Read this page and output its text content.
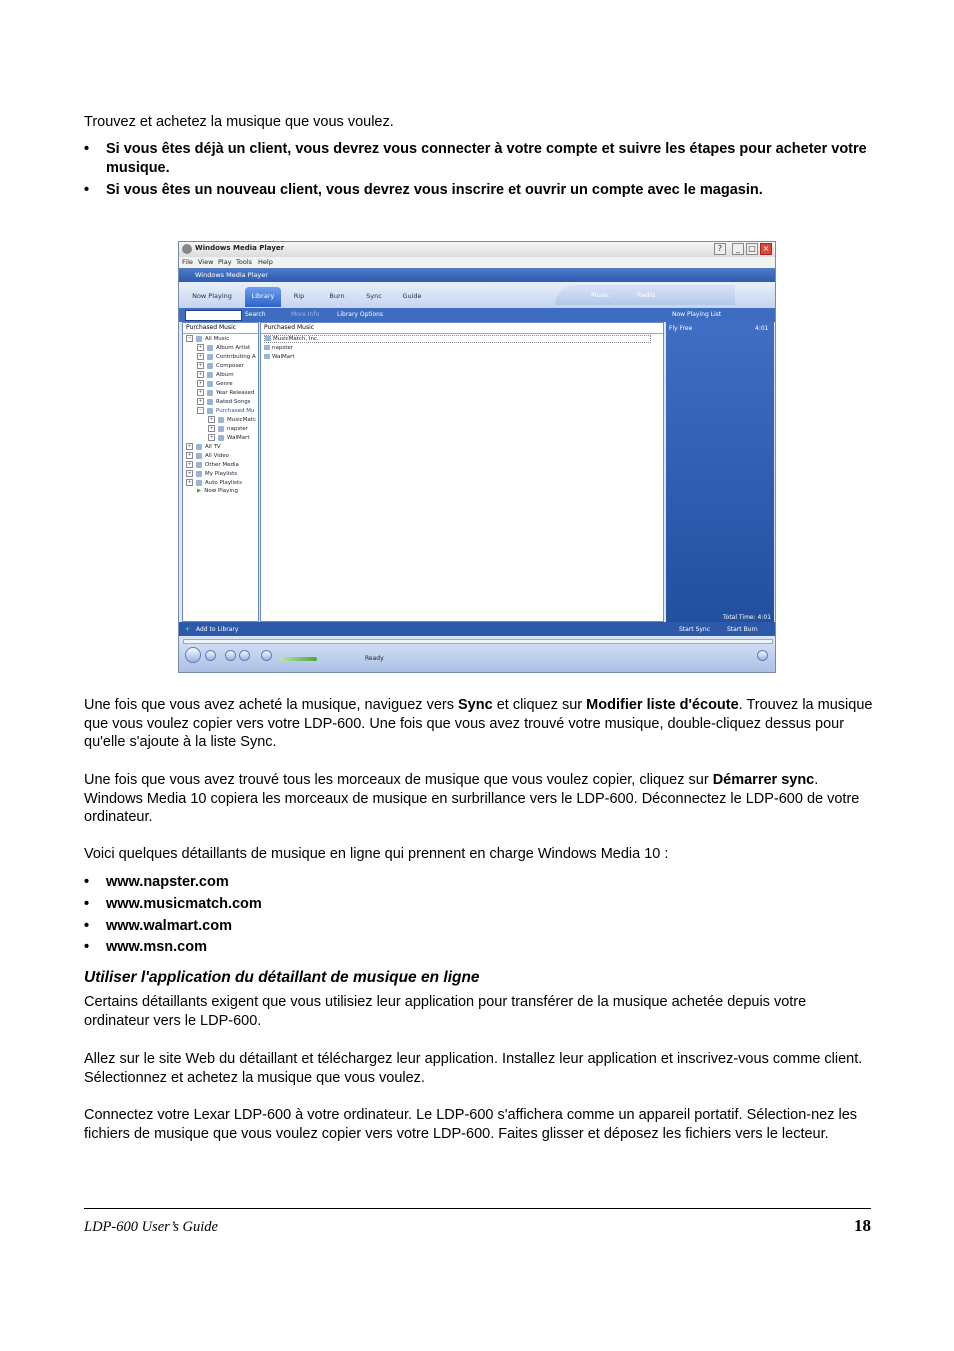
Trouvez et achetez la musique que vous voulez.

• Si vous êtes déjà un client, vous devrez vous connecter à votre compte et suivre les étapes pour acheter votre musique.
• Si vous êtes un nouveau client, vous devrez vous inscrire et ouvrir un compte avec le magasin.
Windows Media Player	?	_	□ ×
File View Play Tools Help
Windows Media Player
Now Playing	Library	Rip	Burn	Sync	Guide	Music	Radio
Search	More Info	Library Options	Now Playing List
Purchased Music
−	All Music
+	Album Artist
+	Contributing A
+	Composer
+	Album
+	Genre
+	Year Released
+	Rated Songs
−	Purchased Mu
+	MusicMatc
+	napster
+	WalMart
+	All TV
+	All Video
+	Other Media
+	My Playlists
+	Auto Playlists
▶ Now Playing
Purchased Music
MusicMatch, Inc.
napster
WalMart
Fly Free	4:01
Total Time: 4:01
+ Add to Library	Start Sync	Start Burn
Ready

Une fois que vous avez acheté la musique, naviguez vers Sync et cliquez sur Modifier liste d'écoute. Trouvez la musique que vous voulez copier vers votre LDP-600. Une fois que vous avez trouvé votre musique, double-cliquez dessus pour qu'elle s'ajoute à la liste Sync.

Une fois que vous avez trouvé tous les morceaux de musique que vous voulez copier, cliquez sur Démarrer sync. Windows Media 10 copiera les morceaux de musique en surbrillance vers le LDP-600. Déconnectez le LDP-600 de votre ordinateur.

Voici quelques détaillants de musique en ligne qui prennent en charge Windows Media 10 :

• www.napster.com
• www.musicmatch.com
• www.walmart.com
• www.msn.com
Utiliser l'application du détaillant de musique en ligne

Certains détaillants exigent que vous utilisiez leur application pour transférer de la musique achetée depuis votre ordinateur vers le LDP-600.

Allez sur le site Web du détaillant et téléchargez leur application. Installez leur application et inscrivez-vous comme client. Sélectionnez et achetez la musique que vous voulez.

Connectez votre Lexar LDP-600 à votre ordinateur. Le LDP-600 s'affichera comme un appareil portatif. Sélection-nez les fichiers de musique que vous voulez copier vers votre LDP-600. Faites glisser et déposez les fichiers vers le lecteur.

LDP-600 User’s Guide	18
